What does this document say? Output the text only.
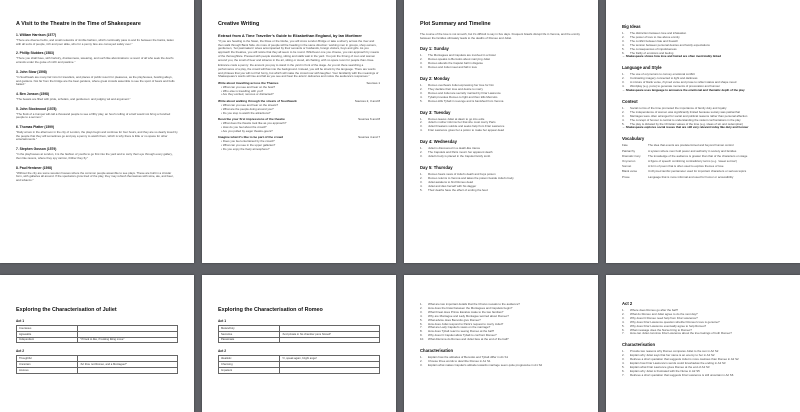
A Visit to the Theatre in the Time of Shakespeare
1. William Harrison (1577)
"There are diverse herbs, and small networks of nimble fashion, which continually pass to and fro between the banks, laden with all sorts of people, rich and poor alike, who for a penny fare are conveyed safely over."
2. Phillip Stubbes (1583)
"There you shall have, with harlotry, drunkenness, swearing, and such like abominations: a resort of all who seek the devil's errands under the guise of mirth and pastime."
3. John Stow (1598)
"In Southwark are many fair inns for travellers, and places of public resort for pleasures, as the playhouses, bowling alleys, and gardens. Not far from the bridge are the bear gardens, where great crowds assemble to see the sport of bears and bulls baited."
4. Ben Jonson (1598)
"The beasts are filled with pride, scholars, and gentlemen: and judging wit and argument."
5. John Stockwood (1578)
"The flock of a trumpet will call a thousand people to see a filthy play, an hour's tolling of a bell would not bring a hundred people to a sermon."
6. Thomas Platter (1599)
"Daily at two in the afternoon in the city of London, the plays begin and continue for four hours, and they are so dearly loved by the people that they will sometimes go and pay a penny to watch them, which is why there is little or no space for other entertainments."
7. Stephen Gosson (1579)
"In the playhouses at London, it is the fashion of youths to go first into the yard and to carry their eye through every gallery, then like ravens, where they spy carrion, thither they fly."
8. Paul Hentzner (1598)
"Without the city are some wooden houses where the common people assemble to see plays. These are built in a circular form, with galleries all around. If the spectators grow tired of the play, they may refresh themselves with wine, ale, and beer, and tobacco."
Creative Writing
Extract from A Time Traveller's Guide to Elizabethan England, by Ian Mortimer
"If you are heading to the Swan, the Rose or the Globe, you will cross London Bridge or take a wherry across the river and then walk through Bank Side. As more of people will be heading in the same direction: working men in groups, shop owners, gentlemen, ‘hot pastmakers’ wives accompanied by their servants or husbands, foreign visitors, boys and girls. As you approach the theatres, you will notice that they all seem to be round. Whichever one you choose, you can approach by means of the thoroughfare. Pressed with people standing, sitting and stalls wait in the yard. You join the throng of men and women around you, the smell of beer and tobacco in the air, sitting or stood, all chatting, with no spare room for people than close.
Entrance costs a penny: the amount you pay to stand in the yard in front of the stage. As you sit there searching a performance of a play, the crowd will flow into the background. Instead, you will be struck by the language. There are words and phrases that you will not find funny, but which will make the crowd roar with laughter. Your familiarity with the meanings of Shakespeare's words will rise and fall as you see and hear the actors' deliveries and notice the audience's responses."
Write about travelling across the Thames	Sources 1
• What can you see and hear on the boat?
• Who else is travelling with you?
• Are they excited, nervous or distracted?
Write about walking through the streets of Southwark	Sources 2, 3 and 8
• What can you see and hear on the streets?
• What are the people doing around you?
• Do you stop to watch the attractions?
Describe your first impressions of the theatre	Sources 6 and 8
• What does the theatre look like as you approach?
• How do you feel about the crowd?
• Are you pulled by eager theatre-goers?
Imagine what it's like to be part of the crowd	Sources 4 and 7
• Does you feel entertained by the crowd?
• What can you see in the upper galleries?
• Do you enjoy the lively atmosphere?
Plot Summary and Timeline
The course of the love is not smooth, but it's difficult to say in five days. Frequent brawls disrupt life in Verona, and the enmity between the families ultimately leads to the deaths of Romeo and Juliet.
Day 1: Sunday
1.	The Montagues and Capulets are involved in a brawl
2.	Romeo speaks to Benvolio about marrying Juliet
3.	Romeo attends the Capulet ball in disguise
4.	Romeo and Juliet meet and fall in love
Day 2: Monday
1.	Romeo overhears Juliet expressing her love for him
2.	They declare their love and desire to marry
3.	Romeo and Juliet are secretly married by Friar Lawrence
4.	Tybalt provokes Romeo to fight and then kills Mercutio
5.	Romeo kills Tybalt in revenge and is banished from Verona
Day 3: Tuesday
1.	Romeo leaves Juliet at dawn to go into exile
2.	Juliet's mother informs her that she must marry Paris
3.	Juliet threatens suicide and seeks help from Friar Lawrence
4.	Friar Lawrence gives her a potion to make her appear dead
Day 4: Wednesday
1.	Juliet is discovered in a death-like trance
2.	The Capulets and Paris mourn her apparent death
3.	Juliet's body is placed in the Capulet family tomb
Day 5: Thursday
1.	Romeo hears news of Juliet's death and buys poison
2.	Romeo returns to Verona and takes the poison beside Juliet's body
3.	Juliet awakens to find Romeo dead
4.	Juliet and dies herself with his dagger
5.	Their deaths have the effect of ending the feud
Big Ideas
1.	The distinction between love and infatuation
2.	The power of love to rise above enmity
3.	The conflict between fate and freewill
4.	The tension between personal desires and family expectations
5.	The consequences of impulsiveness
6.	The frailty of emotions and feeling
→ Shakespeare shows how love and hatred are often inextricably linked
Language and Style
1.	The use of oxymorons to convey emotional conflict
2.	Contrasting imagery connected to light and darkness
3.	A mixture of blank verse, rhymed verse and prose to reflect status and shape mood
4.	Wordplay (e.g. puns) to generate moments of provocation and humour
→ Shakespeare uses language to announce the emotional and thematic depth of the play
Context
1.	Social norms of the time promoted the importance of family duty and loyalty
2.	The independence of women was significantly limited because society was patriarchal
3.	Marriages were often arranged for social and political reasons rather than personal affection
4.	The concept of honour is central to understanding the violent confrontations in the play
5.	The play is dictated by the Christian values of the time (e.g. ideas of sin and redemption)
→ Shakespeare explores social issues that are still very relevant today like duty and honour
Vocabulary
Fate	The idea that events are predetermined and beyond human control
Patriarchy	A system where men hold power and authority in society and families
Dramatic irony	The knowledge of the audience is greater than that of the characters on stage
Oxymoron	A figure of speech combining contradictory terms (e.g. 'sweet sorrow')
Sonnet	A form of poem that is often used to explore themes of love
Blank verse	Unrhymed iambic pentameter used for important characters or serious topics
Prose	Language that is more informal and used for humor or accessibility
Exploring the Characterisation of Juliet
Act 1
Courteous	
Agreeable	
Independent	"I'll look to like, if looking liking move"
Act 2
Thoughtful	
Uncertain	'Art thou not Romeo, and a Montague?'
Anxious	
Exploring the Characterisation of Romeo
Act 1
Melancholy	
Secretive	'And private in his chamber pens himself'
Passionate	
Act 2
Idealistic	'O, speak again, bright angel'
Charming	
Impatient	
1.	What are two important details that the Chorus reveals to the audience?
2.	How does the brawl between the Montagues and Capulets begin?
3.	What threat does Prince Escalus make to the two families?
4.	Why are Montague and Lady Montague worried about Romeo?
5.	What advice does Benvolio give Romeo?
6.	How does Juliet respond to Paris's request to marry Juliet?
7.	What are Lady Capulet's views on the marriage?
8.	How does Tybalt react to seeing Romeo at the ball?
9.	Why doesn't Capulet allow Tybalt to confront Romeo?
10.	What dilemma do Romeo and Juliet face at the end of the ball?
Characterisation
1.	Explain how the attitudes of Benvolio and Tybalt differ in A1 S1
2.	Choose three words to describe Romeo in A1 S1
3.	Explain what makes Capulet's attitude towards marriage seem quite progressive in A1 S2
Act 2
1.	Where does Romeo go after the ball?
2.	What do Romeo and Juliet agree to do the next day?
3.	Why doesn't Romeo need help from Friar Lawrence?
4.	Why does Friar Lawrence question whether Romeo's love is genuine?
5.	Why does Friar Lawrence eventually agree to help Romeo?
6.	What message does the Nurse bring to Romeo?
7.	How can Juliet convince Friar Lawrence about the true feelings of both Romeo?
Characterisation
1.	Provide two reasons why Romeo compares Juliet to the sun in A2 S2
2.	Explain why Juliet says that her name is an enemy to her in A2 S2
3.	Retrieve a short quotation that suggests Juliet is more cautious than Romeo in A2 S2
4.	Explain how Friar Lawrence's words could foreshadow the ending in A2 S3
5.	Explain what Friar Lawrence gives Romeo at the end of A2 S3
6.	Explain why Juliet is frustrated with the Nurse in A2 S5
7.	Retrieve a short quotation that suggests Friar Lawrence is still uncertain in A2 S6
